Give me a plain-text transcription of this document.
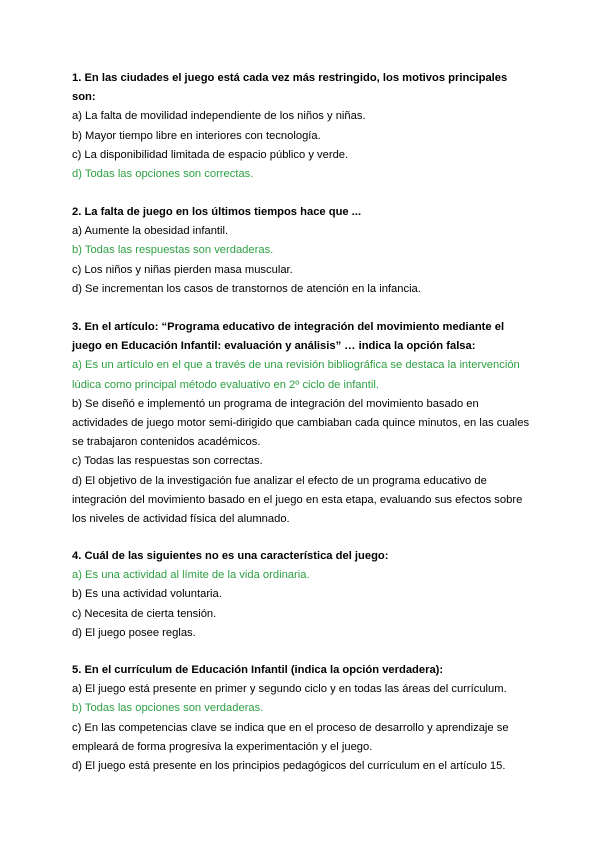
1. En las ciudades el juego está cada vez más restringido, los motivos principales
son:
a) La falta de movilidad independiente de los niños y niñas.
b) Mayor tiempo libre en interiores con tecnología.
c) La disponibilidad limitada de espacio público y verde.
d) Todas las opciones son correctas.
2. La falta de juego en los últimos tiempos hace que ...
a) Aumente la obesidad infantil.
b) Todas las respuestas son verdaderas.
c) Los niños y niñas pierden masa muscular.
d) Se incrementan los casos de transtornos de atención en la infancia.
3. En el artículo: “Programa educativo de integración del movimiento mediante el
juego en Educación Infantil: evaluación y análisis” … indica la opción falsa:
a) Es un artículo en el que a través de una revisión bibliográfica se destaca la intervención
lúdica como principal método evaluativo en 2º ciclo de infantil.
b) Se diseñó e implementó un programa de integración del movimiento basado en
actividades de juego motor semi-dirigido que cambiaban cada quince minutos, en las cuales
se trabajaron contenidos académicos.
c) Todas las respuestas son correctas.
d) El objetivo de la investigación fue analizar el efecto de un programa educativo de
integración del movimiento basado en el juego en esta etapa, evaluando sus efectos sobre
los niveles de actividad física del alumnado.
4. Cuál de las siguientes no es una característica del juego:
a) Es una actividad al límite de la vida ordinaria.
b) Es una actividad voluntaria.
c) Necesita de cierta tensión.
d) El juego posee reglas.
5. En el currículum de Educación Infantil (indica la opción verdadera):
a) El juego está presente en primer y segundo ciclo y en todas las áreas del currículum.
b) Todas las opciones son verdaderas.
c) En las competencias clave se indica que en el proceso de desarrollo y aprendizaje se
empleará de forma progresiva la experimentación y el juego.
d) El juego está presente en los principios pedagógicos del currículum en el artículo 15.
